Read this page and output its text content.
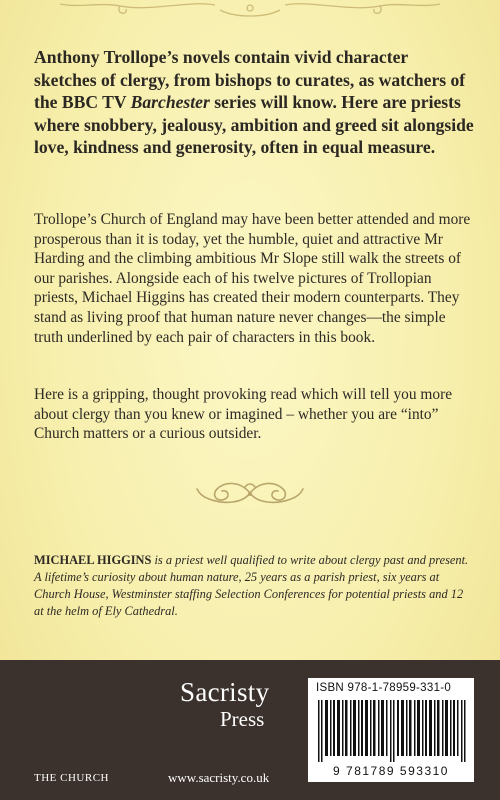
Anthony Trollope’s novels contain vivid character sketches of clergy, from bishops to curates, as watchers of the BBC TV Barchester series will know. Here are priests where snobbery, jealousy, ambition and greed sit alongside love, kindness and generosity, often in equal measure.
Trollope’s Church of England may have been better attended and more prosperous than it is today, yet the humble, quiet and attractive Mr Harding and the climbing ambitious Mr Slope still walk the streets of our parishes. Alongside each of his twelve pictures of Trollopian priests, Michael Higgins has created their modern counterparts. They stand as living proof that human nature never changes—the simple truth underlined by each pair of characters in this book.
Here is a gripping, thought provoking read which will tell you more about clergy than you knew or imagined – whether you are “into” Church matters or a curious outsider.
MICHAEL HIGGINS is a priest well qualified to write about clergy past and present. A lifetime’s curiosity about human nature, 25 years as a parish priest, six years at Church House, Westminster staffing Selection Conferences for potential priests and 12 at the helm of Ely Cathedral.
Sacristy
Press
ISBN 978-1-78959-331-0
9 781789 593310
THE CHURCH	www.sacristy.co.uk
